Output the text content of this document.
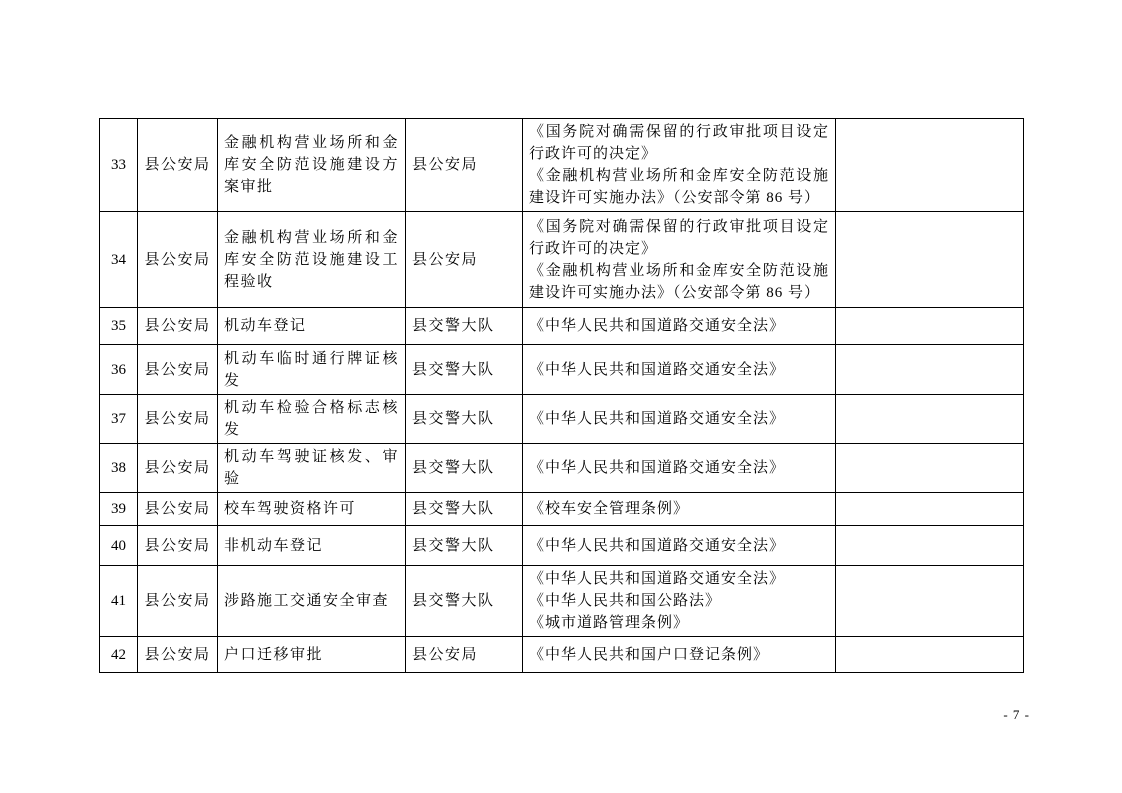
33	县公安局	金融机构营业场所和金库安全防范设施建设方案审批	县公安局	《国务院对确需保留的行政审批项目设定行政许可的决定》
《金融机构营业场所和金库安全防范设施建设许可实施办法》（公安部令第 86 号）	

34	县公安局	金融机构营业场所和金库安全防范设施建设工程验收	县公安局	《国务院对确需保留的行政审批项目设定行政许可的决定》
《金融机构营业场所和金库安全防范设施建设许可实施办法》（公安部令第 86 号）	

35	县公安局	机动车登记	县交警大队	《中华人民共和国道路交通安全法》	

36	县公安局	机动车临时通行牌证核发	县交警大队	《中华人民共和国道路交通安全法》	

37	县公安局	机动车检验合格标志核发	县交警大队	《中华人民共和国道路交通安全法》	

38	县公安局	机动车驾驶证核发、审验	县交警大队	《中华人民共和国道路交通安全法》	

39	县公安局	校车驾驶资格许可	县交警大队	《校车安全管理条例》	

40	县公安局	非机动车登记	县交警大队	《中华人民共和国道路交通安全法》	

41	县公安局	涉路施工交通安全审查	县交警大队	《中华人民共和国道路交通安全法》
《中华人民共和国公路法》
《城市道路管理条例》	

42	县公安局	户口迁移审批	县公安局	《中华人民共和国户口登记条例》	

- 7 -
